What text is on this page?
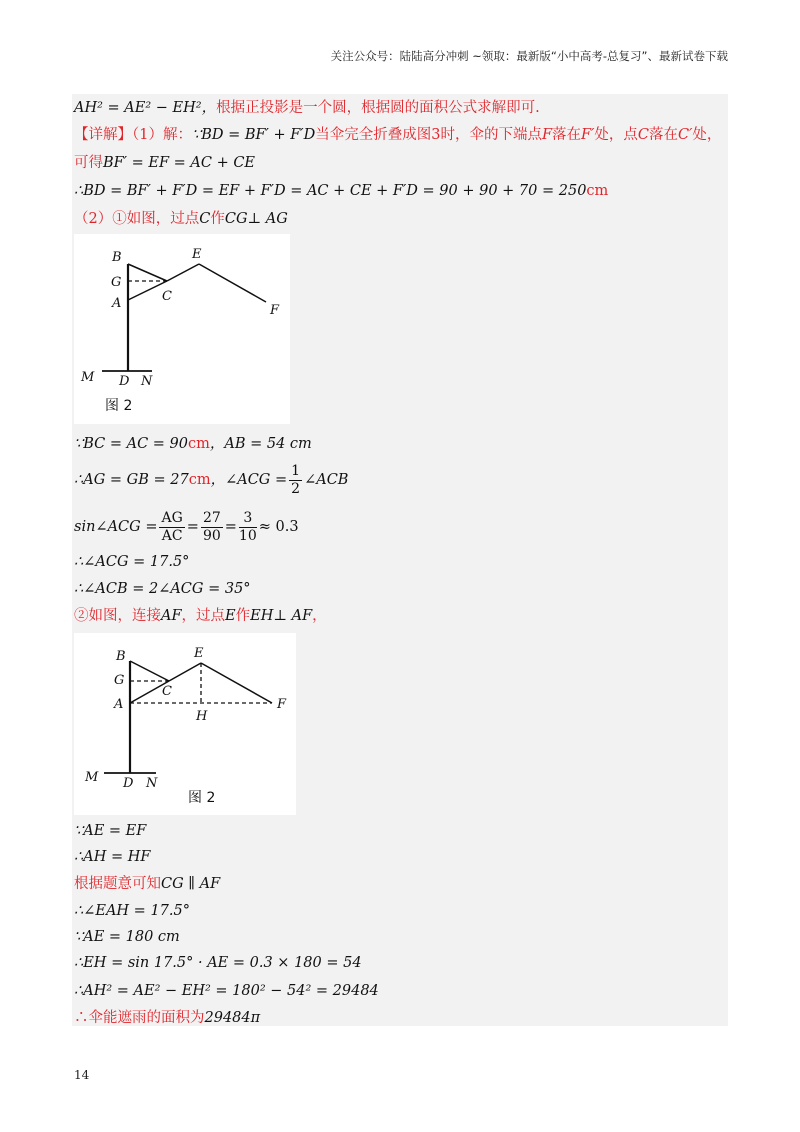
关注公众号：陆陆高分冲刺 ~领取：最新版“小中高考-总复习”、最新试卷下载
AH² = AE² − EH²，根据正投影是一个圆，根据圆的面积公式求解即可.
【详解】（1）解：∵BD = BF′ + F′D当伞完全折叠成图3时，伞的下端点F落在F′处，点C落在C′处，
可得BF′ = EF = AC + CE
∴BD = BF′ + F′D = EF + F′D = AC + CE + F′D = 90 + 90 + 70 = 250cm
（2）①如图，过点C作CG⊥ AG
B
G
A	C
E
F
M D N
图 2
∵BC = AC = 90cm，AB = 54 cm
∴AG = GB = 27cm，∠ACG = $\frac{1}{2}$ ∠ACB
sin∠ACG = $\frac{AG}{AC} = \frac{27}{90} = \frac{3}{10} \approx 0.3$
∴∠ACG = 17.5°
∴∠ACB = 2∠ACG = 35°
②如图，连接AF，过点E作EH⊥ AF，
B
G
A
C
E
H
F
M D N
图 2
∵AE = EF
∴AH = HF
根据题意可知CG ∥ AF
∴∠EAH = 17.5°
∵AE = 180 cm
∴EH = sin 17.5° · AE = 0.3 × 180 = 54
∴AH² = AE² − EH² = 180² − 54² = 29484
∴伞能遮雨的面积为29484π
14
